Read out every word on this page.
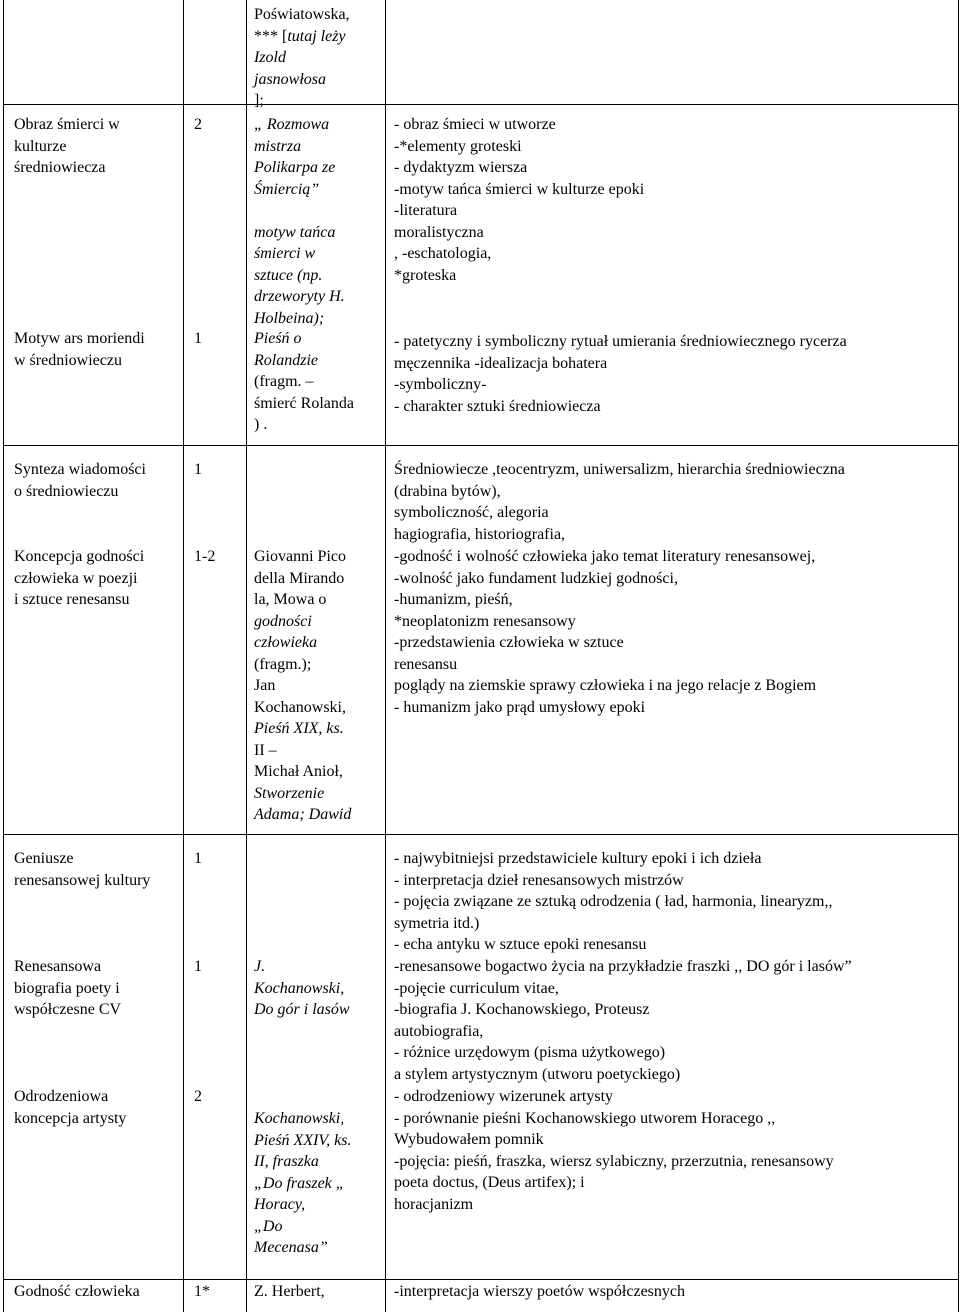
Poświatowska,
*** [tutaj leży
Izold
jasnowłosa
];

Obraz śmierci w
kulturze
średniowiecza

Motyw ars moriendi
w średniowieczu

Synteza wiadomości
o średniowieczu

Koncepcja godności
człowieka w poezji
i sztuce renesansu

Geniusze
renesansowej kultury

Renesansowa
biografia poety i
współczesne CV

Odrodzeniowa
koncepcja artysty

Godność człowieka

2

1

1

1-2

1

1

2

1*

„ Rozmowa
mistrza
Polikarpa ze
Śmiercią”

motyw tańca
śmierci w
sztuce (np.
drzeworyty H.
Holbeina);

Pieśń o
Rolandzie
(fragm. –
śmierć Rolanda
) .

Giovanni Pico
della Mirando
la, Mowa o
godności
człowieka
(fragm.);
Jan
Kochanowski,
Pieśń XIX, ks.
II –
Michał Anioł,
Stworzenie
Adama; Dawid

J.
Kochanowski,
Do gór i lasów

Kochanowski,
Pieśń XXIV, ks.
II, fraszka
„Do fraszek „
Horacy,
„Do
Mecenasa”

Z. Herbert,

- obraz śmieci w utworze
-*elementy groteski
- dydaktyzm wiersza
-motyw tańca śmierci w kulturze epoki
-literatura
moralistyczna
, -eschatologia,
*groteska

- patetyczny i symboliczny rytuał umierania średniowiecznego rycerza
męczennika -idealizacja bohatera
-symboliczny-
- charakter sztuki średniowiecza

Średniowiecze ,teocentryzm, uniwersalizm, hierarchia średniowieczna
(drabina bytów),
symboliczność, alegoria
hagiografia, historiografia,

-godność i wolność człowieka jako temat literatury renesansowej,
-wolność jako fundament ludzkiej godności,
-humanizm, pieśń,
*neoplatonizm renesansowy
-przedstawienia człowieka w sztuce
renesansu
poglądy na ziemskie sprawy człowieka i na jego relacje z Bogiem
- humanizm jako prąd umysłowy epoki

- najwybitniejsi przedstawiciele kultury epoki i ich dzieła
- interpretacja dzieł renesansowych mistrzów
- pojęcia związane ze sztuką odrodzenia ( ład, harmonia, linearyzm,,
symetria itd.)
- echa antyku w sztuce epoki renesansu

-renesansowe bogactwo życia na przykładzie fraszki ,, DO gór i lasów”
-pojęcie curriculum vitae,
-biografia J. Kochanowskiego, Proteusz
autobiografia,
- różnice urzędowym (pisma użytkowego)
a stylem artystycznym (utworu poetyckiego)

- odrodzeniowy wizerunek artysty
- porównanie pieśni Kochanowskiego utworem Horacego ,,
Wybudowałem pomnik
-pojęcia: pieśń, fraszka, wiersz sylabiczny, przerzutnia, renesansowy
poeta doctus, (Deus artifex); i
horacjanizm

-interpretacja wierszy poetów współczesnych
